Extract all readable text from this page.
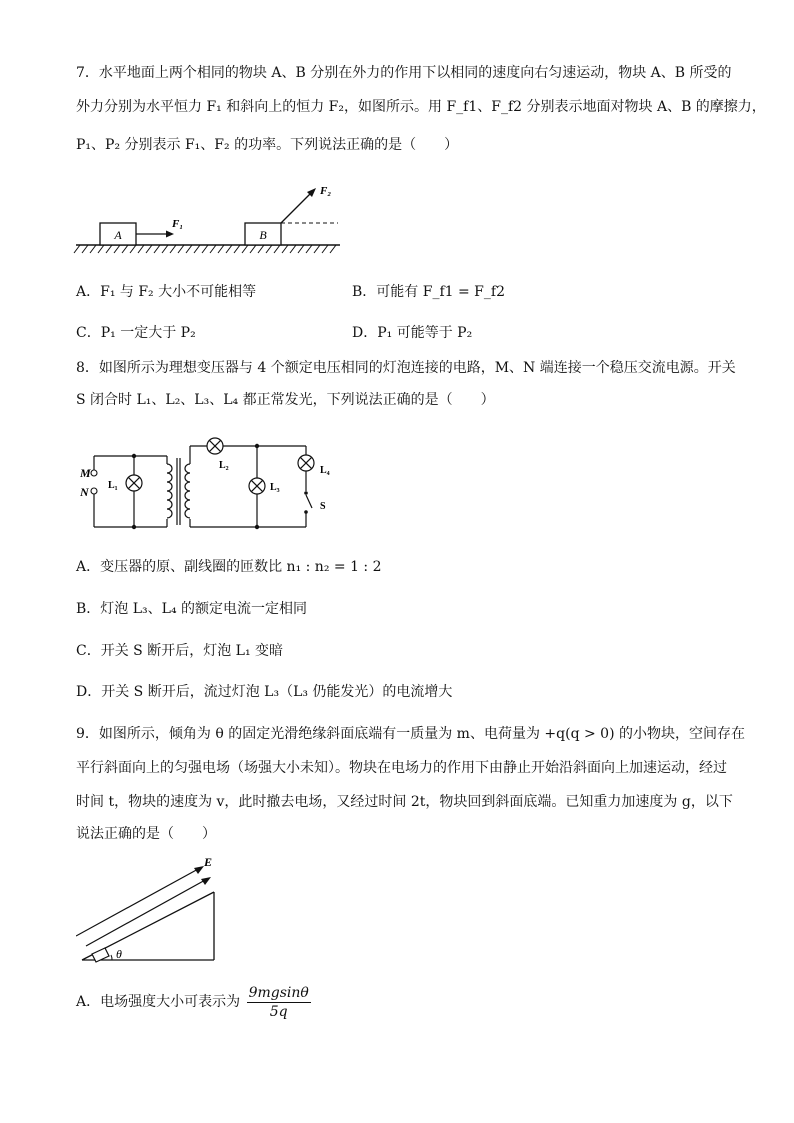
7．水平地面上两个相同的物块 A、B 分别在外力的作用下以相同的速度向右匀速运动，物块 A、B 所受的
外力分别为水平恒力 F₁ 和斜向上的恒力 F₂，如图所示。用 F_f1、F_f2 分别表示地面对物块 A、B 的摩擦力，
P₁、P₂ 分别表示 F₁、F₂ 的功率。下列说法正确的是（　　）
A
F₁
B
F₂
A．F₁ 与 F₂ 大小不可能相等	B．可能有 F_f1 = F_f2
C．P₁ 一定大于 P₂	D．P₁ 可能等于 P₂
8．如图所示为理想变压器与 4 个额定电压相同的灯泡连接的电路，M、N 端连接一个稳压交流电源。开关
S 闭合时 L₁、L₂、L₃、L₄ 都正常发光，下列说法正确的是（　　）
M
N L₁
L₂
L₃
L₄
S
A．变压器的原、副线圈的匝数比 n₁ : n₂ = 1 : 2
B．灯泡 L₃、L₄ 的额定电流一定相同
C．开关 S 断开后，灯泡 L₁ 变暗
D．开关 S 断开后，流过灯泡 L₃（L₃ 仍能发光）的电流增大
9．如图所示，倾角为 θ 的固定光滑绝缘斜面底端有一质量为 m、电荷量为 +q(q > 0) 的小物块，空间存在
平行斜面向上的匀强电场（场强大小未知）。物块在电场力的作用下由静止开始沿斜面向上加速运动，经过
时间 t，物块的速度为 v，此时撤去电场，又经过时间 2t，物块回到斜面底端。已知重力加速度为 g，以下
说法正确的是（　　）
θ
E
A．电场强度大小可表示为 $\frac{9mgsin\theta}{5q}$
